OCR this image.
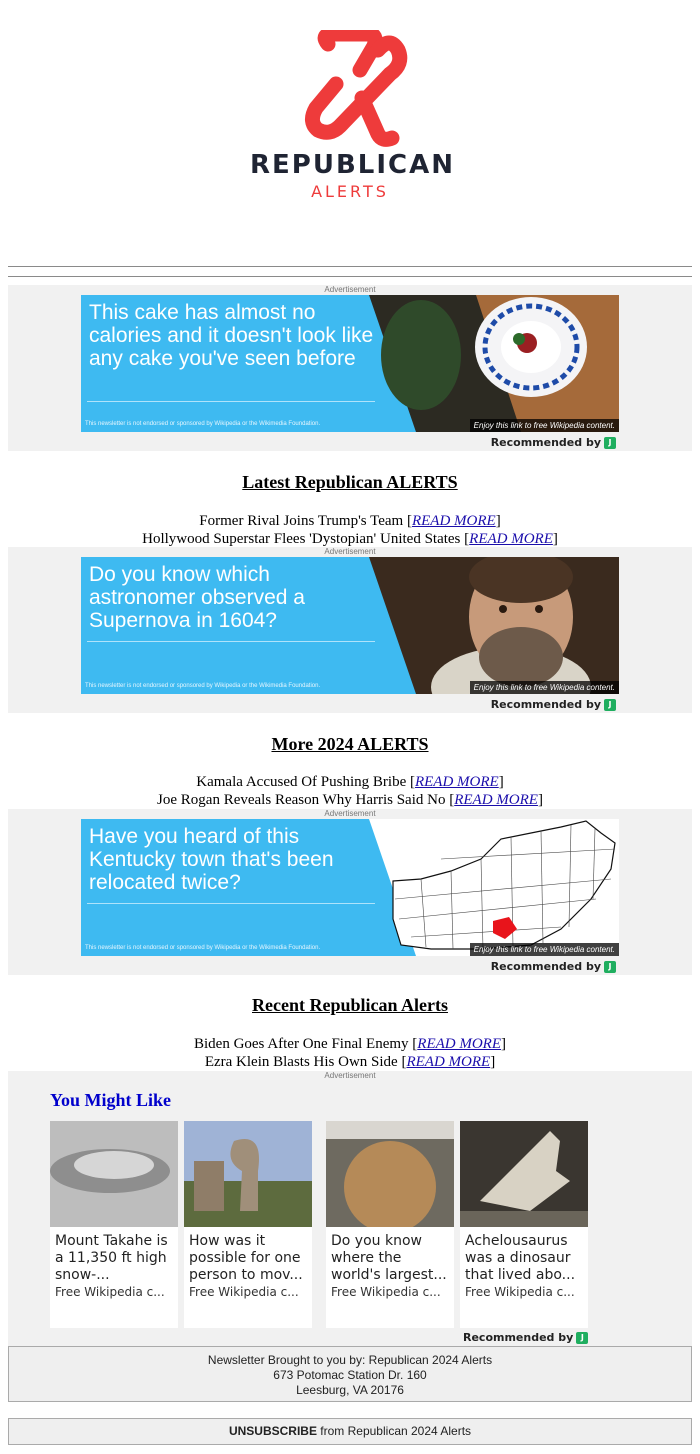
REPUBLICAN
ALERTS
Advertisement
This cake has almost no calories and it doesn't look like any cake you've seen before
This newsletter is not endorsed or sponsored by Wikipedia or the Wikimedia Foundation.	Enjoy this link to free Wikipedia content.
Recommended by J
Latest Republican ALERTS
Former Rival Joins Trump's Team [READ MORE]
Hollywood Superstar Flees 'Dystopian' United States [READ MORE]
Advertisement
Do you know which astronomer observed a Supernova in 1604?
This newsletter is not endorsed or sponsored by Wikipedia or the Wikimedia Foundation.	Enjoy this link to free Wikipedia content.
Recommended by J
More 2024 ALERTS
Kamala Accused Of Pushing Bribe [READ MORE]
Joe Rogan Reveals Reason Why Harris Said No [READ MORE]
Advertisement
Have you heard of this Kentucky town that's been relocated twice?
This newsletter is not endorsed or sponsored by Wikipedia or the Wikimedia Foundation.	Enjoy this link to free Wikipedia content.
Recommended by J
Recent Republican Alerts
Biden Goes After One Final Enemy [READ MORE]
Ezra Klein Blasts His Own Side [READ MORE]
Advertisement
You Might Like
Mount Takahe is a 11,350 ft high snow-...
Free Wikipedia c...
How was it possible for one person to mov...
Free Wikipedia c...
Do you know where the world's largest...
Free Wikipedia c...
Achelousaurus was a dinosaur that lived abo...
Free Wikipedia c...
Recommended by J
Newsletter Brought to you by: Republican 2024 Alerts
673 Potomac Station Dr. 160
Leesburg, VA 20176
UNSUBSCRIBE from Republican 2024 Alerts
